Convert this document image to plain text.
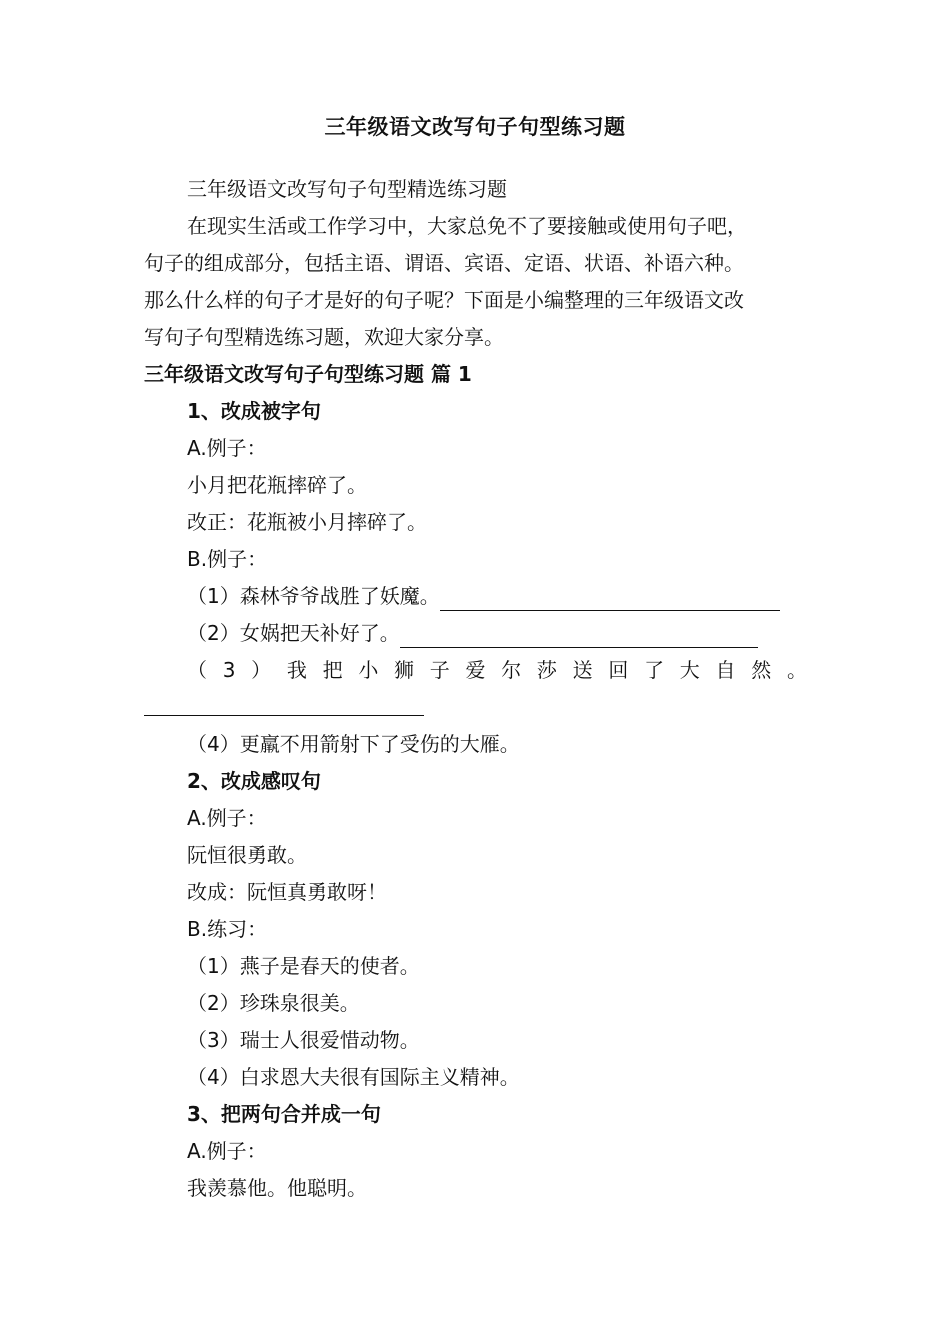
三年级语文改写句子句型练习题
三年级语文改写句子句型精选练习题
在现实生活或工作学习中，大家总免不了要接触或使用句子吧，
句子的组成部分，包括主语、谓语、宾语、定语、状语、补语六种。
那么什么样的句子才是好的句子呢？下面是小编整理的三年级语文改
写句子句型精选练习题，欢迎大家分享。
三年级语文改写句子句型练习题 篇 1
1、改成被字句
A.例子：
小月把花瓶摔碎了。
改正：花瓶被小月摔碎了。
B.例子：
（1）森林爷爷战胜了妖魔。
（2）女娲把天补好了。
（ 3 ） 我 把 小 狮 子 爱 尔 莎 送 回 了 大 自 然 。
（4）更羸不用箭射下了受伤的大雁。
2、改成感叹句
A.例子：
阮恒很勇敢。
改成：阮恒真勇敢呀！
B.练习：
（1）燕子是春天的使者。
（2）珍珠泉很美。
（3）瑞士人很爱惜动物。
（4）白求恩大夫很有国际主义精神。
3、把两句合并成一句
A.例子：
我羡慕他。他聪明。
